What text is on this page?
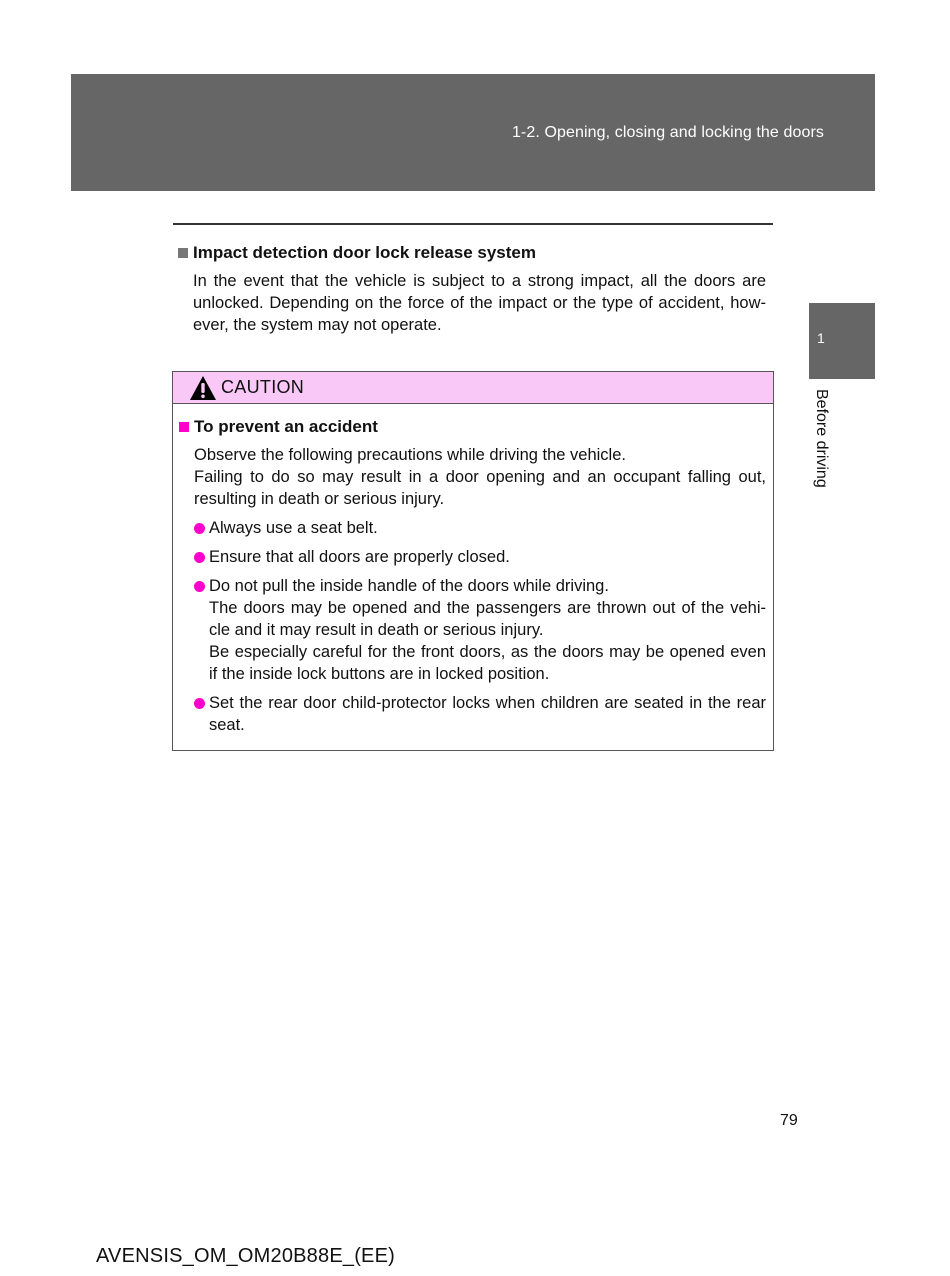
1-2. Opening, closing and locking the doors
1
Before driving
Impact detection door lock release system

In the event that the vehicle is subject to a strong impact, all the doors are unlocked. Depending on the force of the impact or the type of accident, how-ever, the system may not operate.

CAUTION
To prevent an accident
Observe the following precautions while driving the vehicle.
Failing to do so may result in a door opening and an occupant falling out, resulting in death or serious injury.
Always use a seat belt.
Ensure that all doors are properly closed.
Do not pull the inside handle of the doors while driving.
The doors may be opened and the passengers are thrown out of the vehi-cle and it may result in death or serious injury.
Be especially careful for the front doors, as the doors may be opened even if the inside lock buttons are in locked position.
Set the rear door child-protector locks when children are seated in the rear seat.
79
AVENSIS_OM_OM20B88E_(EE)
